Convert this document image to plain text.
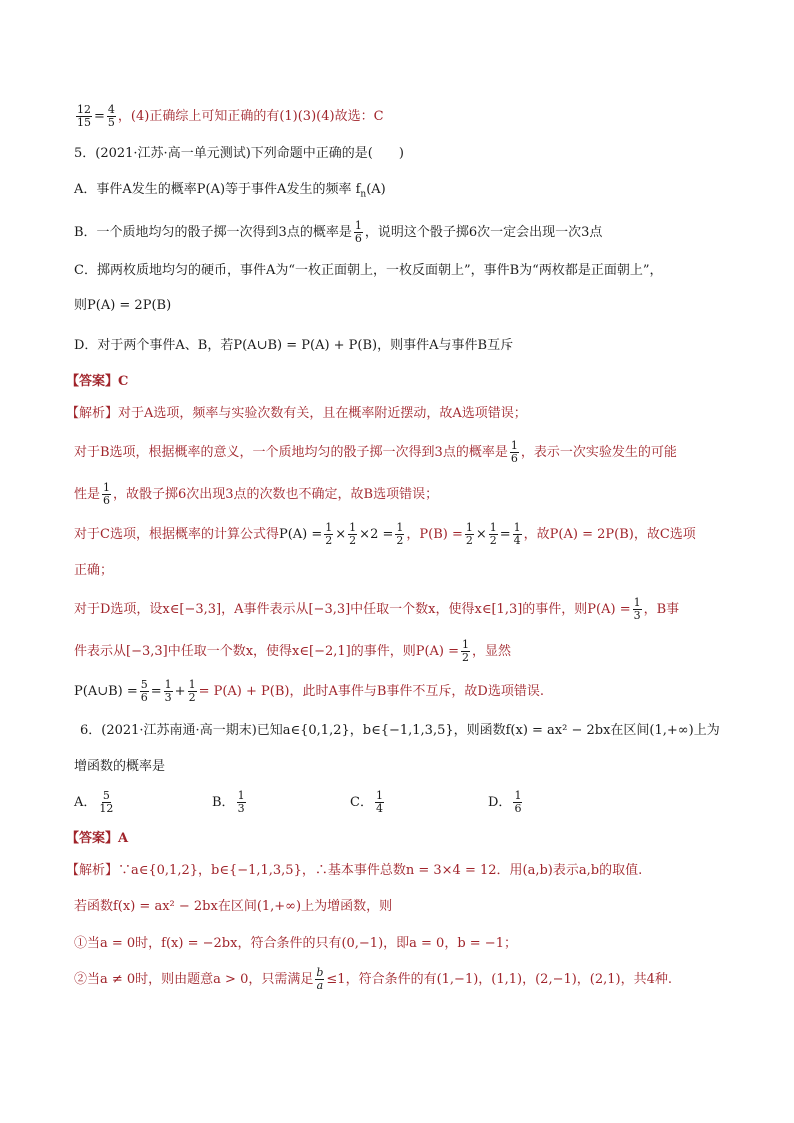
$\frac{12}{15} = \frac{4}{5}$ ，(4)正确综上可知正确的有(1)(3)(4)故选：C
5．(2021·江苏·高一单元测试)下列命题中正确的是(　　)
A．事件A发生的概率P(A)等于事件A发生的频率 $f_n(A)$
B．一个质地均匀的骰子掷一次得到3点的概率是 $\frac{1}{6}$ ，说明这个骰子掷6次一定会出现一次3点
C．掷两枚质地均匀的硬币，事件A为“一枚正面朝上，一枚反面朝上”，事件B为“两枚都是正面朝上”，
则P(A) = 2P(B)
D．对于两个事件A、B，若P(A∪B) = P(A) + P(B)，则事件A与事件B互斥
【答案】C
【解析】对于A选项，频率与实验次数有关，且在概率附近摆动，故A选项错误；
对于B选项，根据概率的意义，一个质地均匀的骰子掷一次得到3点的概率是 $\frac{1}{6}$ ，表示一次实验发生的可能
性是 $\frac{1}{6}$ ，故骰子掷6次出现3点的次数也不确定，故B选项错误；
对于C选项，根据概率的计算公式得$P(A) = \frac{1}{2} \times \frac{1}{2} \times 2 = \frac{1}{2}$ ，$P(B) = \frac{1}{2} \times \frac{1}{2} = \frac{1}{4}$ ，故P(A) = 2P(B)，故C选项
正确；
对于D选项，设x∈[−3,3]，A事件表示从[−3,3]中任取一个数x，使得x∈[1,3]的事件，则$P(A) = \frac{1}{3}$ ，B事
件表示从[−3,3]中任取一个数x，使得x∈[−2,1]的事件，则$P(A) = \frac{1}{2}$ ，显然
P(A∪B) = $\frac{5}{6} = \frac{1}{3} + \frac{1}{2} = P(A) + P(B)$，此时A事件与B事件不互斥，故D选项错误.
6．(2021·江苏南通·高一期末)已知a∈{0,1,2}，b∈{−1,1,3,5}，则函数f(x) = ax² − 2bx在区间(1,+∞)上为
增函数的概率是
A． $\frac{5}{12}$	B． $\frac{1}{3}$	C． $\frac{1}{4}$	D． $\frac{1}{6}$
【答案】A
【解析】∵a∈{0,1,2}，b∈{−1,1,3,5}，∴基本事件总数n = 3×4 = 12．用(a,b)表示a,b的取值.
若函数f(x) = ax² − 2bx在区间(1,+∞)上为增函数，则
①当a = 0时，f(x) = −2bx，符合条件的只有(0,−1)，即a = 0，b = −1；
②当a ≠ 0时，则由题意a > 0，只需满足 $\frac{b}{a} \le 1$，符合条件的有(1,−1)，(1,1)，(2,−1)，(2,1)，共4种.
